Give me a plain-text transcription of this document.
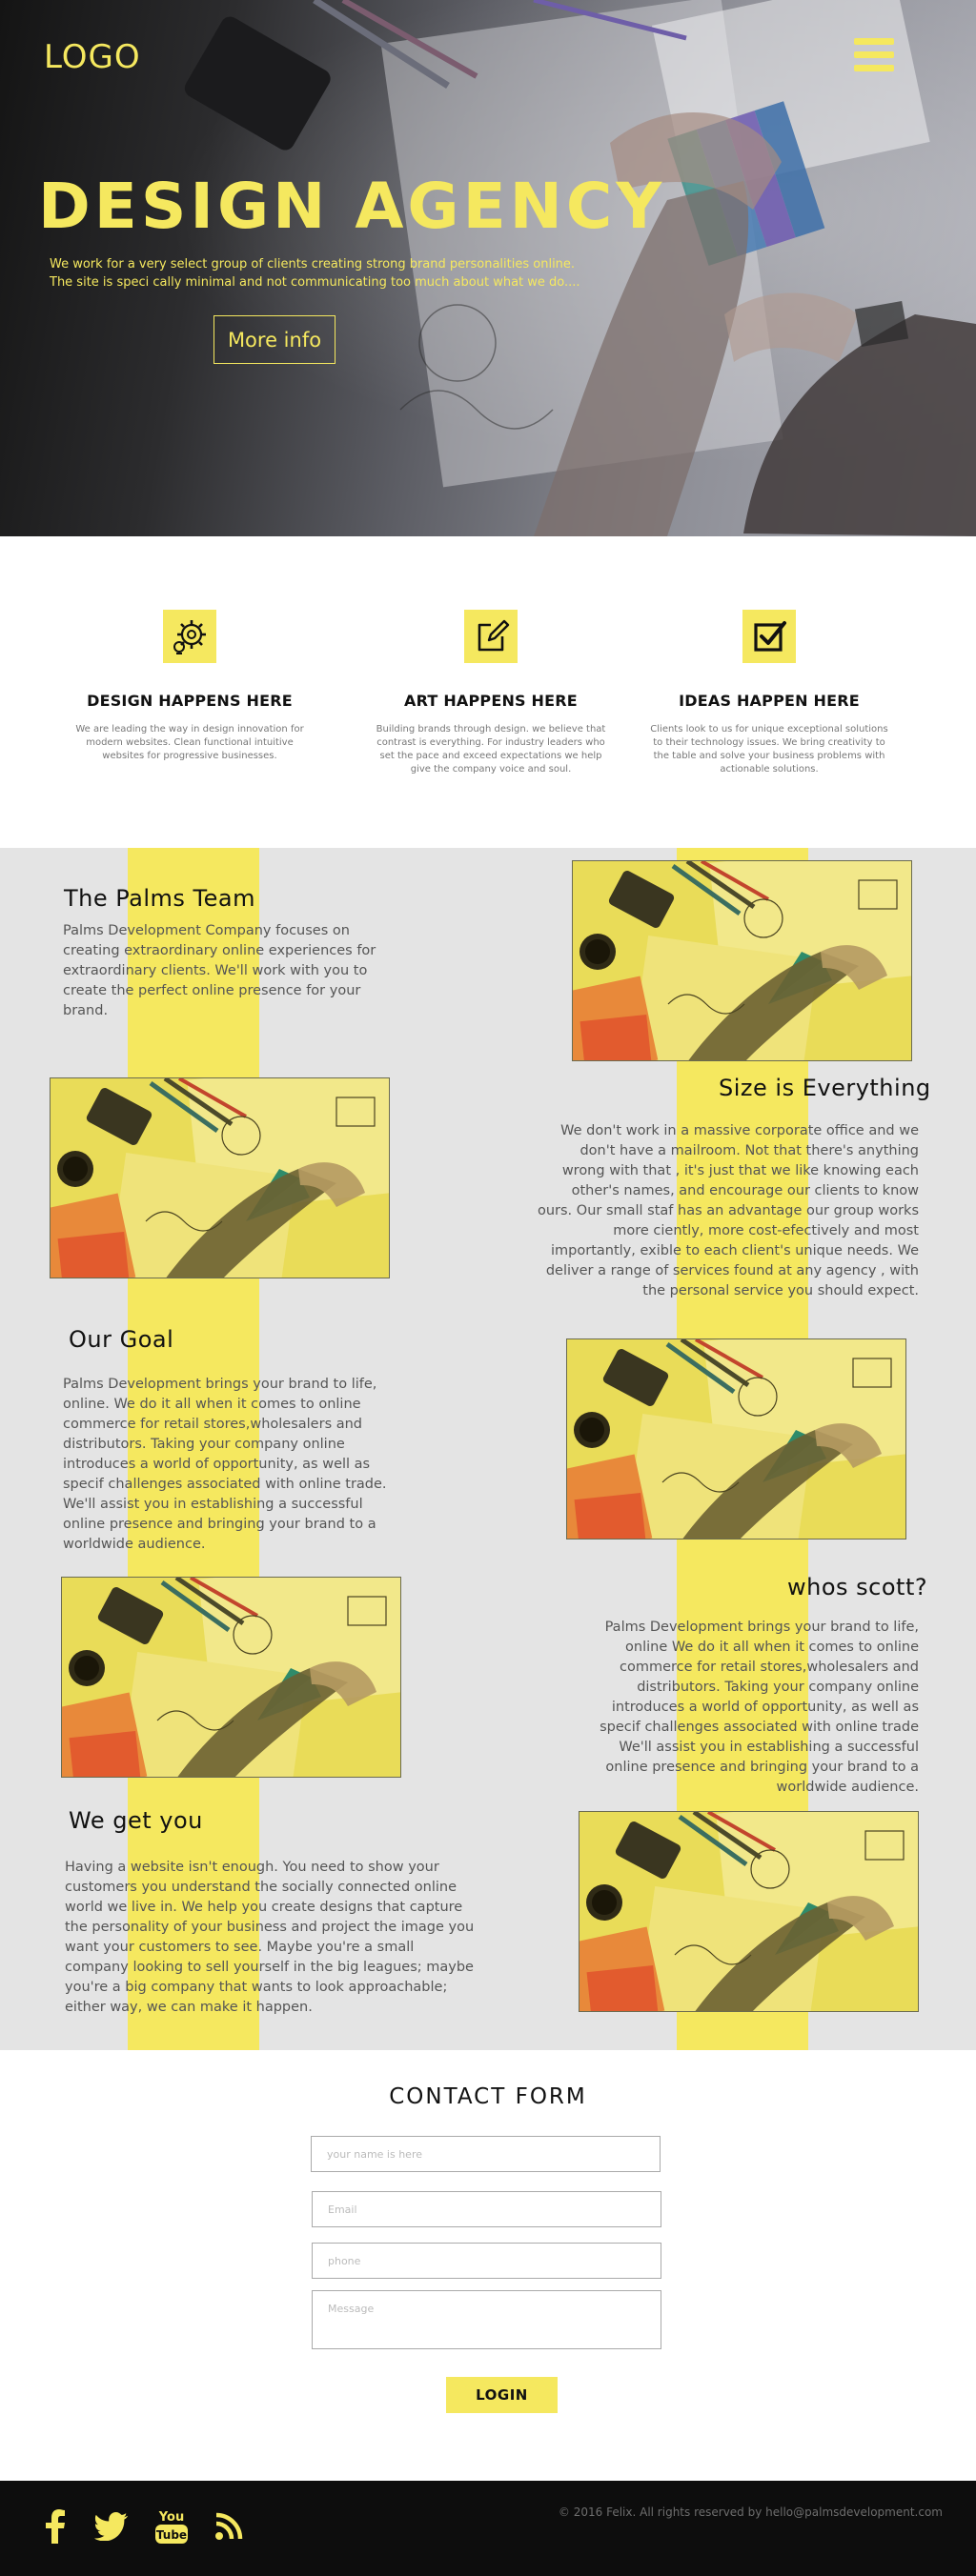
LOGO
DESIGN AGENCY
We work for a very select group of clients creating strong brand personalities online.
The site is speci cally minimal and not communicating too much about what we do....
More info
DESIGN HAPPENS HERE

We are leading the way in design innovation for modern websites. Clean functional intuitive websites for progressive businesses.

ART HAPPENS HERE

Building brands through design. we believe that contrast is everything. For industry leaders who set the pace and exceed expectations we help give the company voice and soul.

IDEAS HAPPEN HERE

Clients look to us for unique exceptional solutions to their technology issues. We bring creativity to the table and solve your business problems with actionable solutions.

The Palms Team
Palms Development Company focuses on creating extraordinary online experiences for extraordinary clients. We'll work with you to create the perfect online presence for your brand.
Size is Everything
We don't work in a massive corporate office and we don't have a mailroom. Not that there's anything wrong with that , it's just that we like knowing each other's names, and encourage our clients to know ours. Our small staf has an advantage our group works more ciently, more cost-efectively and most importantly, exible to each client's unique needs. We deliver a range of services found at any agency , with the personal service you should expect.
Our Goal
Palms Development brings your brand to life, online. We do it all when it comes to online commerce for retail stores,wholesalers and distributors. Taking your company online introduces a world of opportunity, as well as specif challenges associated with online trade. We'll assist you in establishing a successful online presence and bringing your brand to a worldwide audience.
whos scott?
Palms Development brings your brand to life, online We do it all when it comes to online commerce for retail stores,wholesalers and distributors. Taking your company online introduces a world of opportunity, as well as specif challenges associated with online trade We'll assist you in establishing a successful online presence and bringing your brand to a worldwide audience.
We get you
Having a website isn't enough. You need to show your customers you understand the socially connected online world we live in. We help you create designs that capture the personality of your business and project the image you want your customers to see. Maybe you're a small company looking to sell yourself in the big leagues; maybe you're a big company that wants to look approachable; either way, we can make it happen.
CONTACT FORM
your name is here
Email
phone
Message
LOGIN
You
Tube
© 2016 Felix. All rights reserved by hello@palmsdevelopment.com
